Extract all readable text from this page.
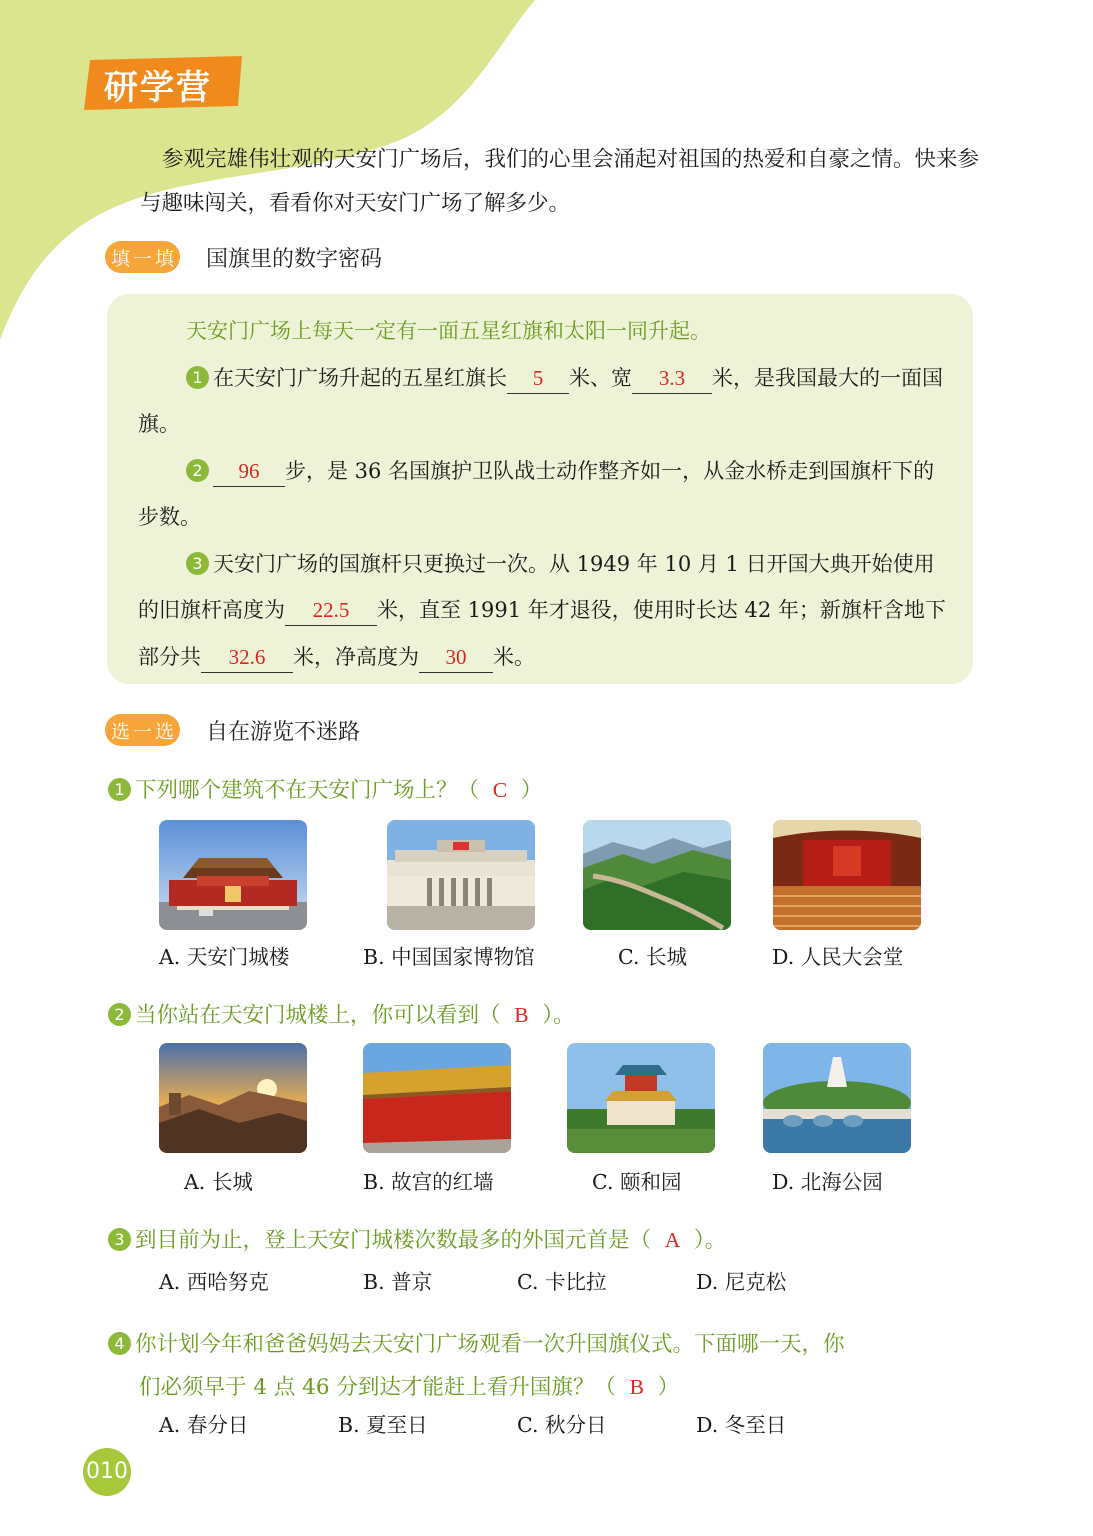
研学营
参观完雄伟壮观的天安门广场后，我们的心里会涌起对祖国的热爱和自豪之情。快来参与趣味闯关，看看你对天安门广场了解多少。
填 一 填 国旗里的数字密码

天安门广场上每天一定有一面五星红旗和太阳一同升起。

1 在天安门广场升起的五星红旗长 5 米、宽 3.3 米，是我国最大的一面国旗。

2 96 步，是 36 名国旗护卫队战士动作整齐如一，从金水桥走到国旗杆下的步数。

3 天安门广场的国旗杆只更换过一次。从 1949 年 10 月 1 日开国大典开始使用的旧旗杆高度为 22.5 米，直至 1991 年才退役，使用时长达 42 年；新旗杆含地下部分共 32.6 米，净高度为 30 米。

选 一 选 自在游览不迷路
1 下列哪个建筑不在天安门广场上？（ C ）
A. 天安门城楼	B. 中国国家博物馆	C. 长城	D. 人民大会堂
2 当你站在天安门城楼上，你可以看到（ B ）。
A. 长城	B. 故宫的红墙	C. 颐和园	D. 北海公园
3 到目前为止，登上天安门城楼次数最多的外国元首是（ A ）。
A. 西哈努克	B. 普京	C. 卡比拉	D. 尼克松
4 你计划今年和爸爸妈妈去天安门广场观看一次升国旗仪式。下面哪一天，你
们必须早于 4 点 46 分到达才能赶上看升国旗？（ B ）
A. 春分日	B. 夏至日	C. 秋分日	D. 冬至日
010
